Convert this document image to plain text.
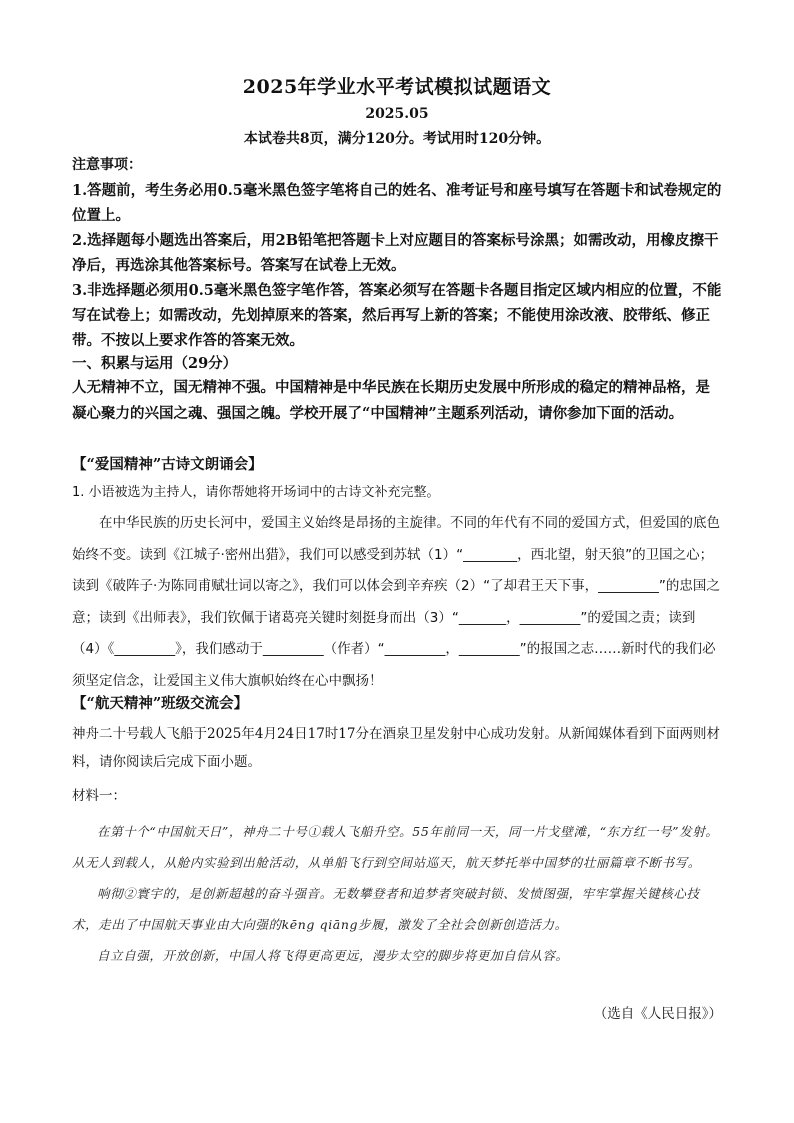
2025年学业水平考试模拟试题语文
2025.05
本试卷共8页，满分120分。考试用时120分钟。
注意事项：

1.答题前，考生务必用0.5毫米黑色签字笔将自己的姓名、准考证号和座号填写在答题卡和试卷规定的位置上。

2.选择题每小题选出答案后，用2B铅笔把答题卡上对应题目的答案标号涂黑；如需改动，用橡皮擦干净后，再选涂其他答案标号。答案写在试卷上无效。

3.非选择题必须用0.5毫米黑色签字笔作答，答案必须写在答题卡各题目指定区域内相应的位置，不能写在试卷上；如需改动，先划掉原来的答案，然后再写上新的答案；不能使用涂改液、胶带纸、修正带。不按以上要求作答的答案无效。

一、积累与运用（29分）
人无精神不立，国无精神不强。中国精神是中华民族在长期历史发展中所形成的稳定的精神品格，是凝心聚力的兴国之魂、强国之魄。学校开展了“中国精神”主题系列活动，请你参加下面的活动。
【“爱国精神”古诗文朗诵会】
1. 小语被选为主持人，请你帮她将开场词中的古诗文补充完整。

在中华民族的历史长河中，爱国主义始终是昂扬的主旋律。不同的年代有不同的爱国方式，但爱国的底色始终不变。读到《江城子·密州出猎》，我们可以感受到苏轼（1）“________，西北望，射天狼”的卫国之心；读到《破阵子·为陈同甫赋壮词以寄之》，我们可以体会到辛弃疾（2）“了却君王天下事，_________”的忠国之意；读到《出师表》，我们钦佩于诸葛亮关键时刻挺身而出（3）“_______，_________”的爱国之责；读到（4）《_________》，我们感动于_________（作者）“_________，_________”的报国之志……新时代的我们必须坚定信念，让爱国主义伟大旗帜始终在心中飘扬！

【“航天精神”班级交流会】
神舟二十号载人飞船于2025年4月24日17时17分在酒泉卫星发射中心成功发射。从新闻媒体看到下面两则材料，请你阅读后完成下面小题。
材料一：

在第十个“中国航天日”，神舟二十号①载人飞船升空。55年前同一天，同一片戈壁滩，“东方红一号”发射。从无人到载人，从舱内实验到出舱活动，从单船飞行到空间站巡天，航天梦托举中国梦的壮丽篇章不断书写。

响彻②寰宇的，是创新超越的奋斗强音。无数攀登者和追梦者突破封锁、发愤图强，牢牢掌握关键核心技术，走出了中国航天事业由大向强的kēng qiāng步履，激发了全社会创新创造活力。

自立自强，开放创新，中国人将飞得更高更远，漫步太空的脚步将更加自信从容。

（选自《人民日报》）
